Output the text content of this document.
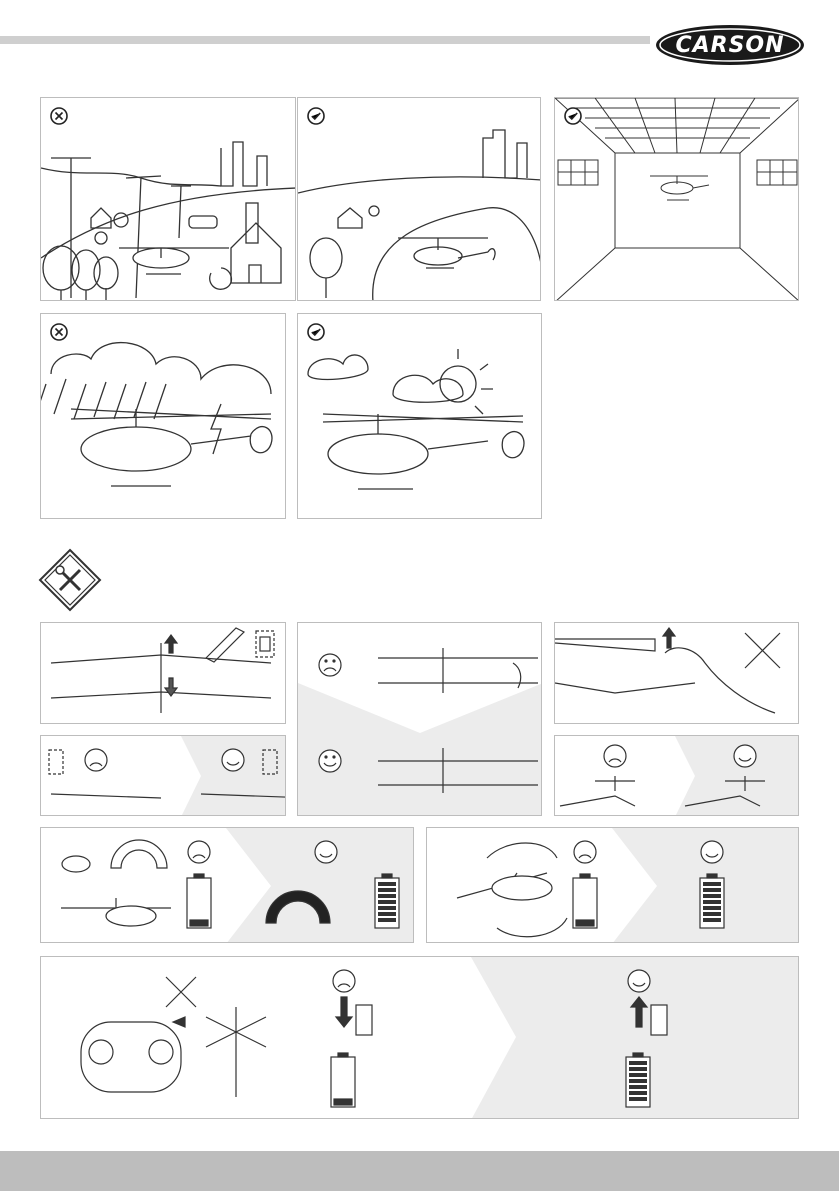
CARSON
